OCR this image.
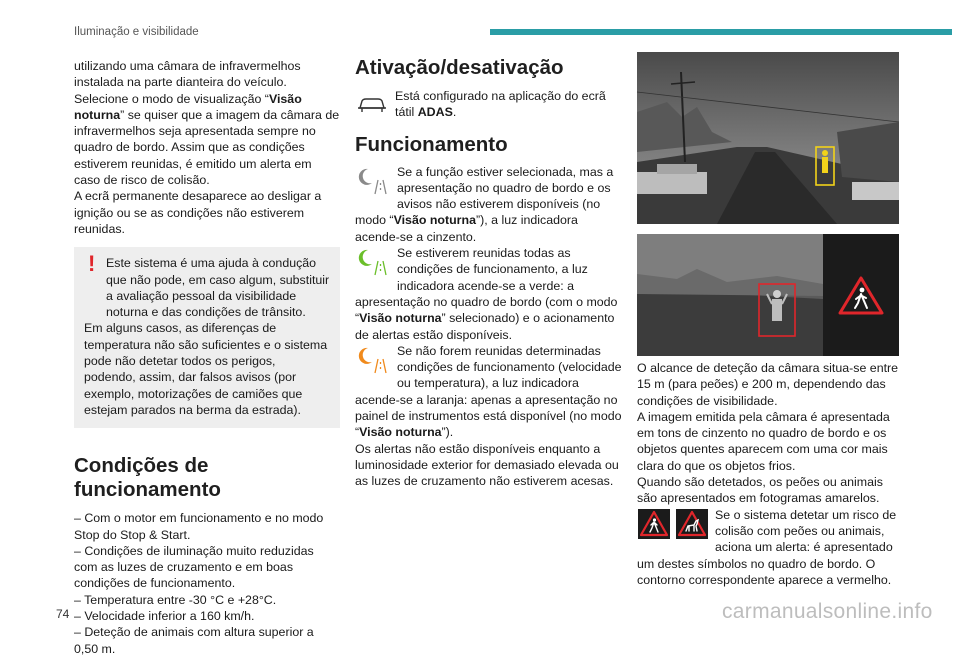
Iluminação e visibilidade

utilizando uma câmara de infravermelhos instalada na parte dianteira do veículo.

Selecione o modo de visualização “Visão noturna” se quiser que a imagem da câmara de infravermelhos seja apresentada sempre no quadro de bordo. Assim que as condições estiverem reunidas, é emitido um alerta em caso de risco de colisão.

A ecrã permanente desaparece ao desligar a ignição ou se as condições não estiverem reunidas.

! Este sistema é uma ajuda à condução que não pode, em caso algum, substituir a avaliação pessoal da visibilidade noturna e das condições de trânsito.

Em alguns casos, as diferenças de temperatura não são suficientes e o sistema pode não detetar todos os perigos, podendo, assim, dar falsos avisos (por exemplo, motorizações de camiões que estejam parados na berma da estrada).

Condições de funcionamento

– Com o motor em funcionamento e no modo Stop do Stop & Start.

– Condições de iluminação muito reduzidas com as luzes de cruzamento e em boas condições de funcionamento.

– Temperatura entre -30 °C e +28°C.

– Velocidade inferior a 160 km/h.

– Deteção de animais com altura superior a 0,50 m.

Ativação/desativação

Está configurado na aplicação do ecrã tátil ADAS.

Funcionamento

Se a função estiver selecionada, mas a apresentação no quadro de bordo e os avisos não estiverem disponíveis (no modo “Visão noturna”), a luz indicadora acende-se a cinzento.

Se estiverem reunidas todas as condições de funcionamento, a luz indicadora acende-se a verde: a apresentação no quadro de bordo (com o modo “Visão noturna” selecionado) e o acionamento de alertas estão disponíveis.

Se não forem reunidas determinadas condições de funcionamento (velocidade ou temperatura), a luz indicadora acende-se a laranja: apenas a apresentação no painel de instrumentos está disponível (no modo “Visão noturna”).

Os alertas não estão disponíveis enquanto a luminosidade exterior for demasiado elevada ou as luzes de cruzamento não estiverem acesas.

O alcance de deteção da câmara situa-se entre 15 m (para peões) e 200 m, dependendo das condições de visibilidade.

A imagem emitida pela câmara é apresentada em tons de cinzento no quadro de bordo e os objetos quentes aparecem com uma cor mais clara do que os objetos frios.

Quando são detetados, os peões ou animais são apresentados em fotogramas amarelos.

Se o sistema detetar um risco de colisão com peões ou animais, aciona um alerta: é apresentado um destes símbolos no quadro de bordo. O contorno correspondente aparece a vermelho.

74	carmanualsonline.info
